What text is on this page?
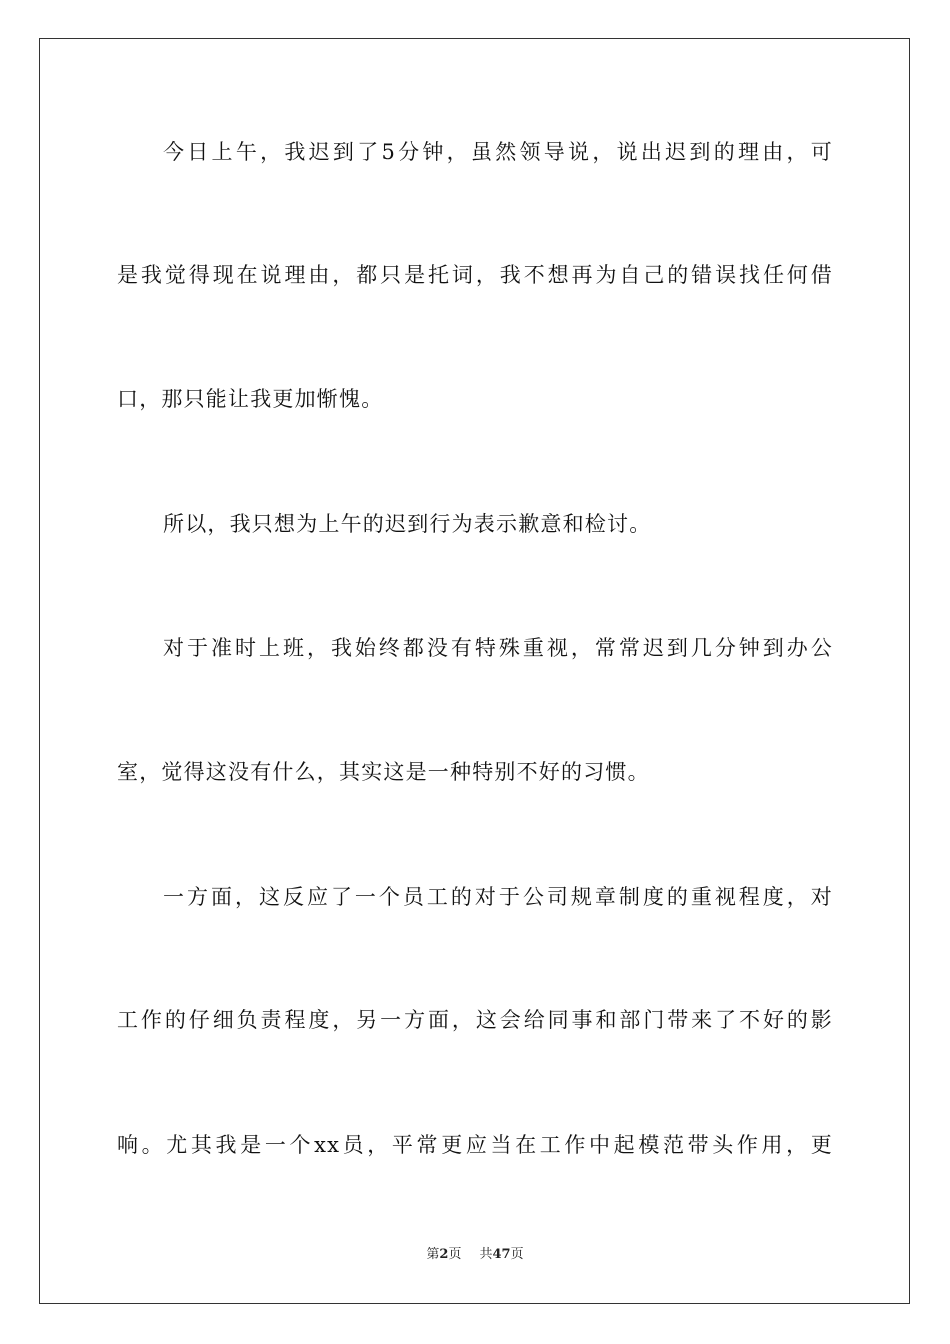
今日上午，我迟到了5分钟，虽然领导说，说出迟到的理由，可
是我觉得现在说理由，都只是托词，我不想再为自己的错误找任何借
口，那只能让我更加惭愧。
所以，我只想为上午的迟到行为表示歉意和检讨。
对于准时上班，我始终都没有特殊重视，常常迟到几分钟到办公
室，觉得这没有什么，其实这是一种特别不好的习惯。
一方面，这反应了一个员工的对于公司规章制度的重视程度，对
工作的仔细负责程度，另一方面，这会给同事和部门带来了不好的影
响。尤其我是一个xx员，平常更应当在工作中起模范带头作用，更
第2页 共47页
